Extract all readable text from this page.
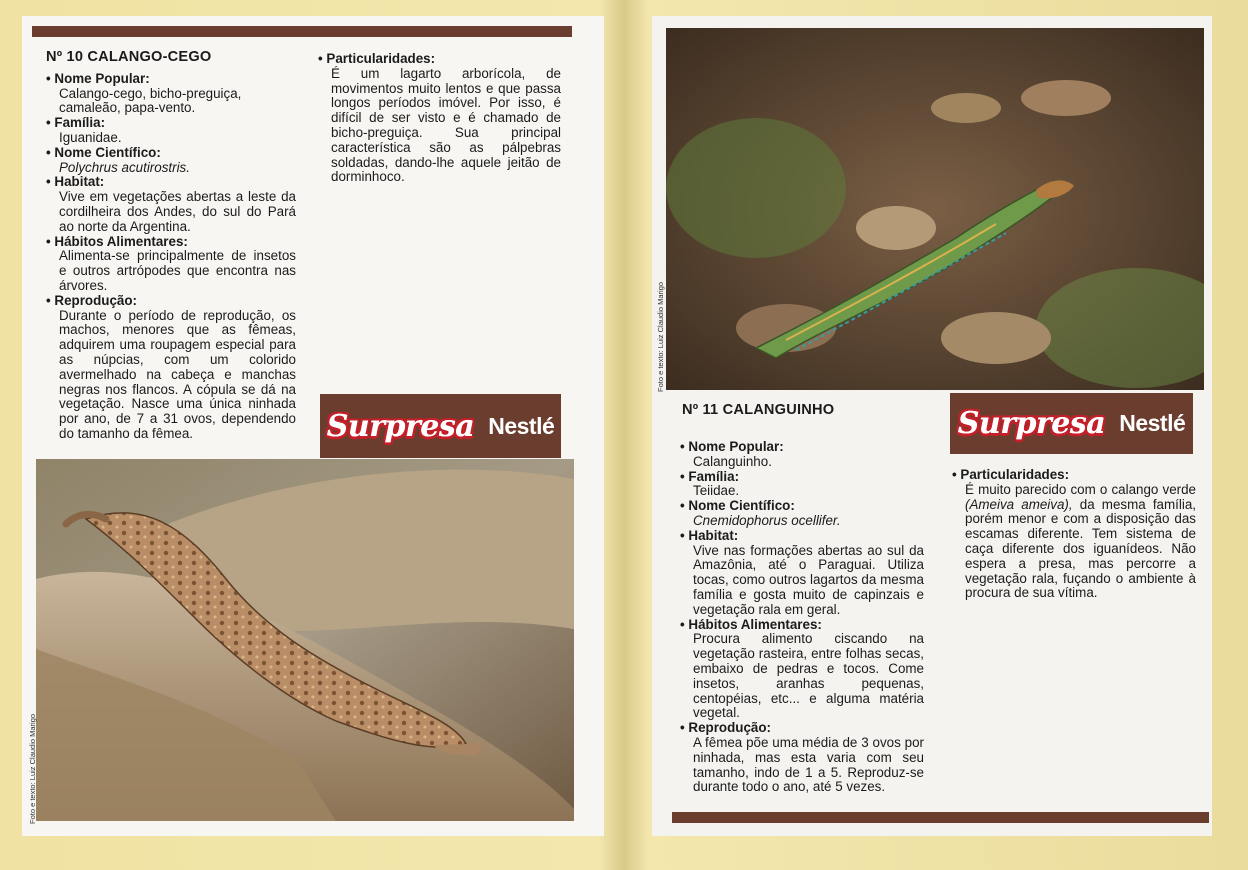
Nº 10 CALANGO-CEGO
• Nome Popular:
Calango-cego, bicho-preguiça, camaleão, papa-vento.
• Família:
Iguanidae.
• Nome Científico:
Polychrus acutirostris.
• Habitat:
Vive em vegetações abertas a leste da cordilheira dos Andes, do sul do Pará ao norte da Argentina.
• Hábitos Alimentares:
Alimenta-se principalmente de insetos e outros artrópodes que encontra nas árvores.
• Reprodução:
Durante o período de reprodução, os machos, menores que as fêmeas, adquirem uma roupagem especial para as núpcias, com um colorido avermelhado na cabeça e manchas negras nos flancos. A cópula se dá na vegetação. Nasce uma única ninhada por ano, de 7 a 31 ovos, dependendo do tamanho da fêmea.
• Particularidades:
É um lagarto arborícola, de movimentos muito lentos e que passa longos períodos imóvel. Por isso, é difícil de ser visto e é chamado de bicho-preguiça. Sua principal característica são as pálpebras soldadas, dando-lhe aquele jeitão de dorminhoco.
Surpresa Nestlé
Foto e texto: Luiz Claudio Marigo
Foto e texto: Luiz Claudio Marigo
Nº 11 CALANGUINHO	Surpresa Nestlé
• Nome Popular:
Calanguinho.
• Família:
Teiidae.
• Nome Científico:
Cnemidophorus ocellifer.
• Habitat:
Vive nas formações abertas ao sul da Amazônia, até o Paraguai. Utiliza tocas, como outros lagartos da mesma família e gosta muito de capinzais e vegetação rala em geral.
• Hábitos Alimentares:
Procura alimento ciscando na vegetação rasteira, entre folhas secas, embaixo de pedras e tocos. Come insetos, aranhas pequenas, centopéias, etc... e alguma matéria vegetal.
• Reprodução:
A fêmea põe uma média de 3 ovos por ninhada, mas esta varia com seu tamanho, indo de 1 a 5. Reproduz-se durante todo o ano, até 5 vezes.
• Particularidades:
É muito parecido com o calango verde (Ameiva ameiva), da mesma família, porém menor e com a disposição das escamas diferente. Tem sistema de caça diferente dos iguanídeos. Não espera a presa, mas percorre a vegetação rala, fuçando o ambiente à procura de sua vítima.
